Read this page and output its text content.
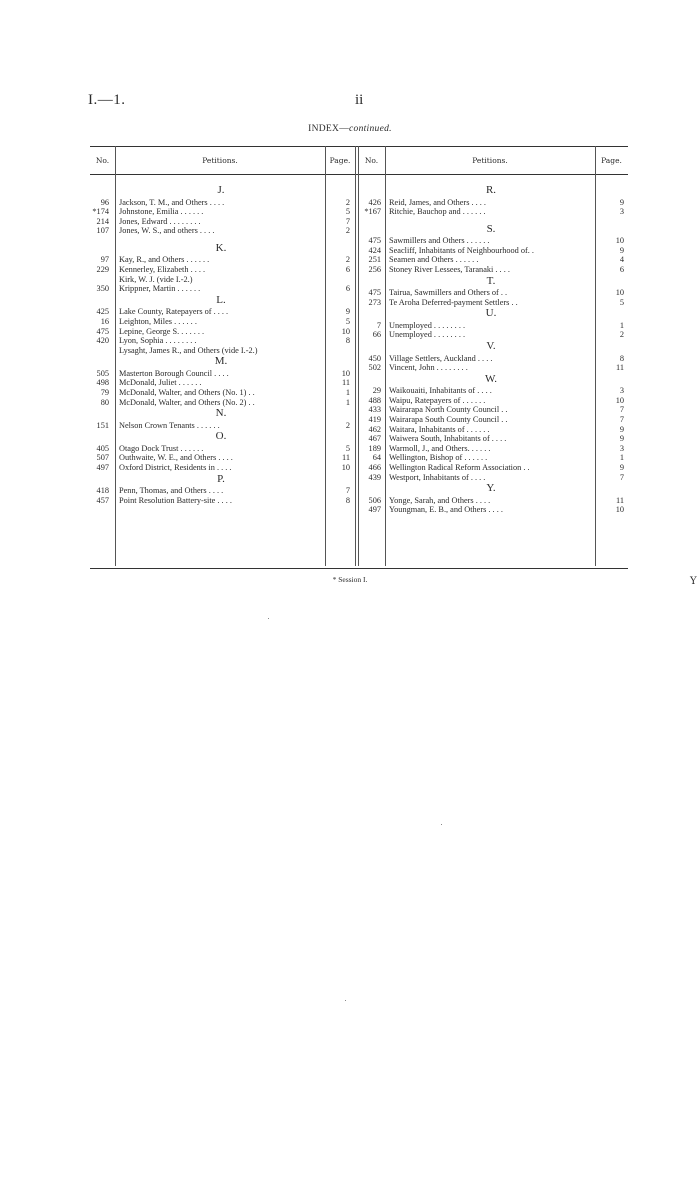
I.—1.	ii
INDEX—continued.
No.	Petitions.	Page.	No.	Petitions.	Page.
J.
96 Jackson, T. M., and Others . . . .	2
*174 Johnstone, Emilia . . . . . .	5
214 Jones, Edward . . . . . . . .	7
107 Jones, W. S., and others . . . .	2
K.
97 Kay, R., and Others . . . . . .	2
229 Kennerley, Elizabeth . . . .	6
Kirk, W. J. (vide I.-2.)
350 Krippner, Martin . . . . . .	6
L.
425 Lake County, Ratepayers of . . . .	9
16 Leighton, Miles . . . . . .	5
475 Lepine, George S. . . . . . .	10
420 Lyon, Sophia . . . . . . . .	8
Lysaght, James R., and Others (vide I.-2.)
M.
505 Masterton Borough Council . . . .	10
498 McDonald, Juliet . . . . . .	11
79 McDonald, Walter, and Others (No. 1) . .	1
80 McDonald, Walter, and Others (No. 2) . .	1
N.
151 Nelson Crown Tenants . . . . . .	2
O.
405 Otago Dock Trust . . . . . .	5
507 Outhwaite, W. E., and Others . . . .	11
497 Oxford District, Residents in . . . .	10
P.
418 Penn, Thomas, and Others . . . .	7
457 Point Resolution Battery-site . . . .	8
R.
426 Reid, James, and Others . . . .	9
*167 Ritchie, Bauchop and . . . . . .	3
S.
475 Sawmillers and Others . . . . . .	10
424 Seacliff, Inhabitants of Neighbourhood of. .	9
251 Seamen and Others . . . . . .	4
256 Stoney River Lessees, Taranaki . . . .	6
T.
475 Tairua, Sawmillers and Others of . .	10
273 Te Aroha Deferred-payment Settlers . .	5
U.
7 Unemployed . . . . . . . .	1
66 Unemployed . . . . . . . .	2
V.
450 Village Settlers, Auckland . . . .	8
502 Vincent, John . . . . . . . .	11
W.
29 Waikouaiti, Inhabitants of . . . .	3
488 Waipu, Ratepayers of . . . . . .	10
433 Wairarapa North County Council . .	7
419 Wairarapa South County Council . .	7
462 Waitara, Inhabitants of . . . . . .	9
467 Waiwera South, Inhabitants of . . . .	9
189 Warmoll, J., and Others. . . . . .	3
64 Wellington, Bishop of . . . . . .	1
466 Wellington Radical Reform Association . .	9
439 Westport, Inhabitants of . . . .	7
Y.
506 Yonge, Sarah, and Others . . . .	11
497 Youngman, E. B., and Others . . . .	10
* Session I.	Y
